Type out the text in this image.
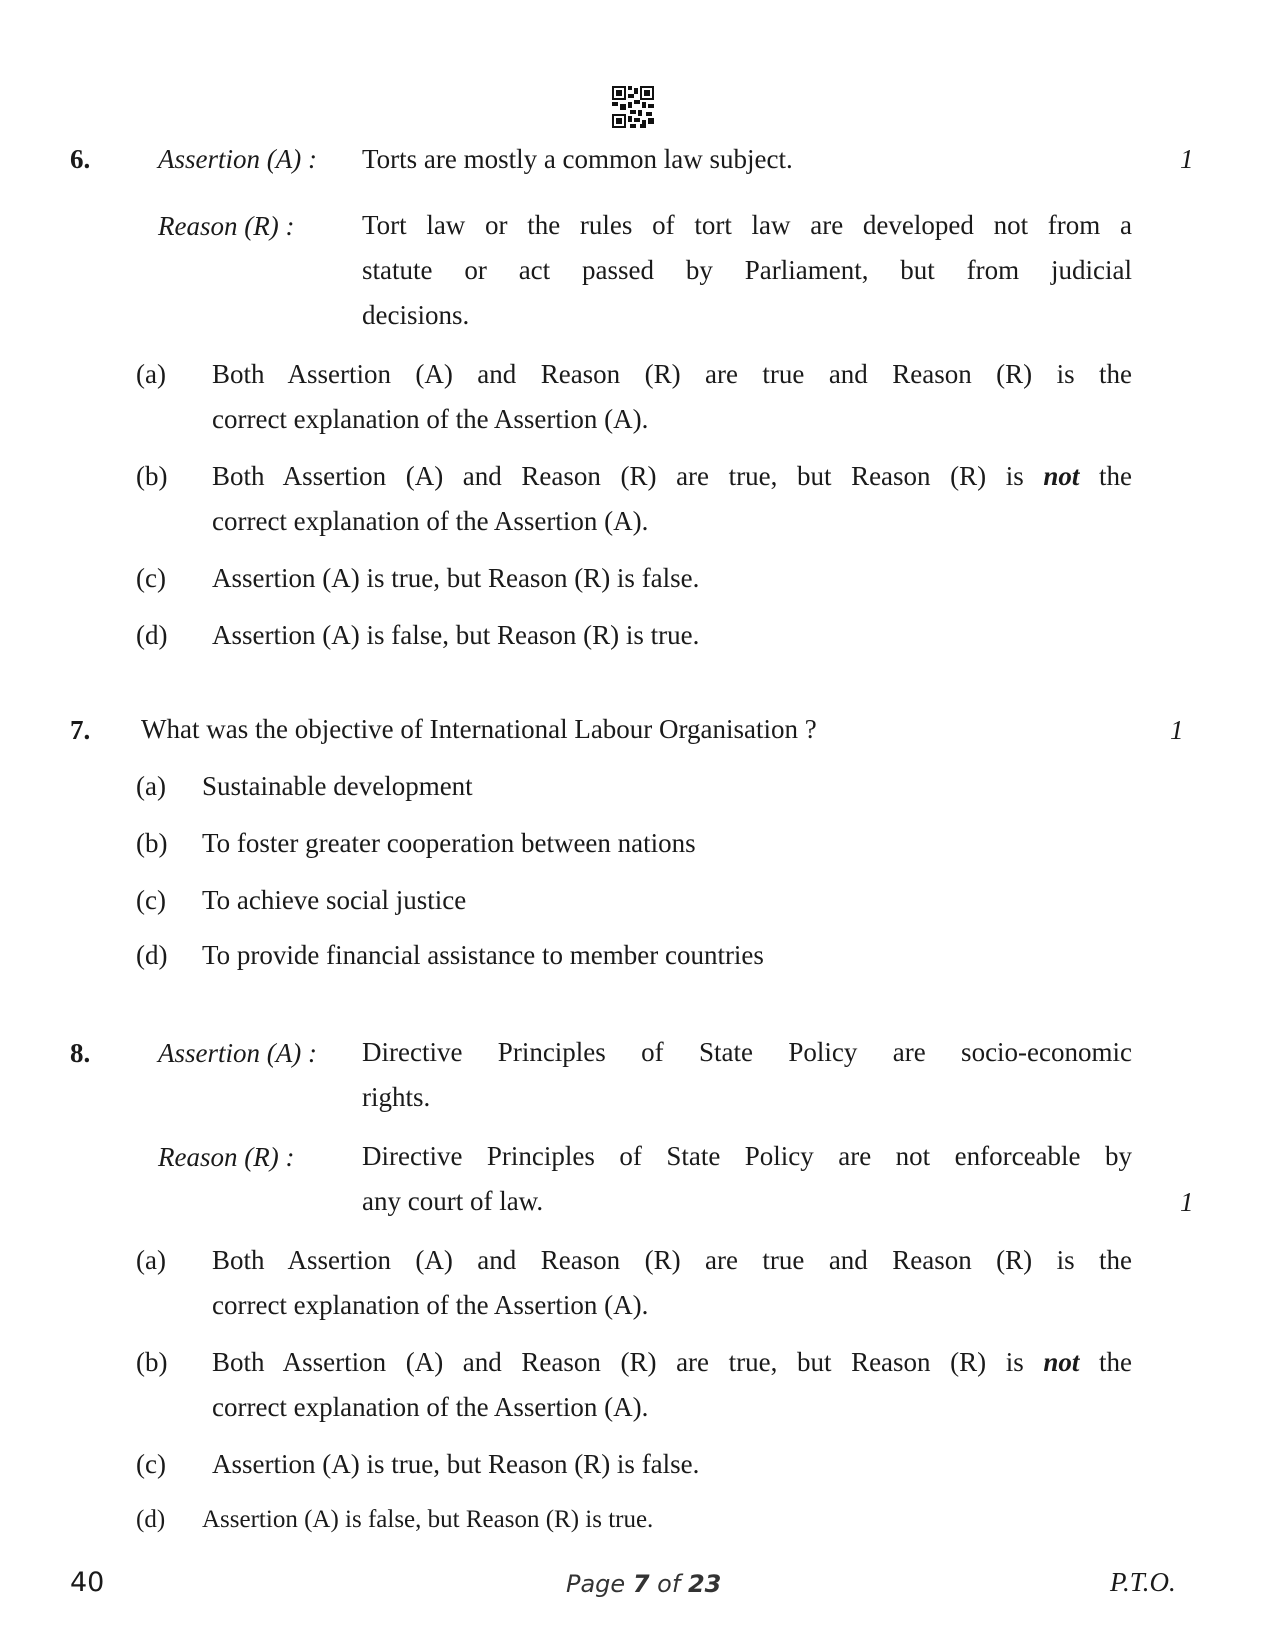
6.	Assertion (A) : Torts are mostly a common law subject.	1
Reason (R) :	Tort law or the rules of tort law are developed not from a
statute or act passed by Parliament, but from judicial
decisions.
(a) Both Assertion (A) and Reason (R) are true and Reason (R) is the
correct explanation of the Assertion (A).
(b) Both Assertion (A) and Reason (R) are true, but Reason (R) is not the
correct explanation of the Assertion (A).
(c) Assertion (A) is true, but Reason (R) is false.
(d) Assertion (A) is false, but Reason (R) is true.
7. What was the objective of International Labour Organisation ?	1
(a) Sustainable development
(b) To foster greater cooperation between nations
(c) To achieve social justice
(d) To provide financial assistance to member countries
8.	Assertion (A) : Directive Principles of State Policy are socio-economic
rights.
Reason (R) :	Directive Principles of State Policy are not enforceable by
any court of law.	1
(a) Both Assertion (A) and Reason (R) are true and Reason (R) is the
correct explanation of the Assertion (A).
(b) Both Assertion (A) and Reason (R) are true, but Reason (R) is not the
correct explanation of the Assertion (A).
(c) Assertion (A) is true, but Reason (R) is false.
(d) Assertion (A) is false, but Reason (R) is true.
40	Page 7 of 23	P.T.O.
